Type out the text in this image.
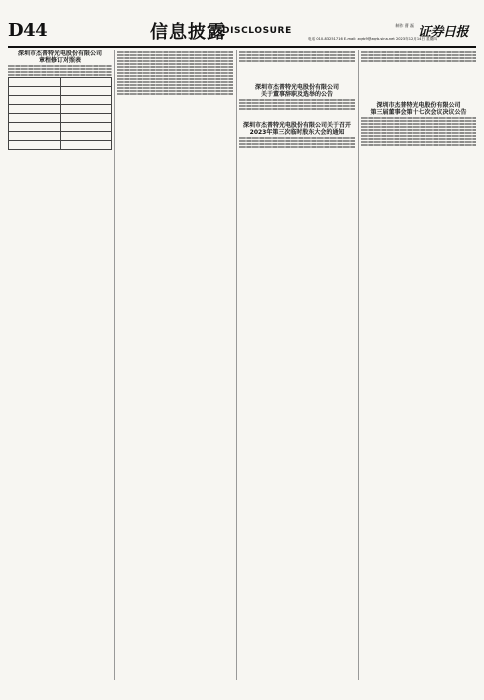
D44	信息披露
DISCLOSURE
制作 曹 磊 证券日报
电话 010-83251716 E-mail: zqrb9@zqrb.sina.net 2023年12月14日 星期四
深圳市杰普特光电股份有限公司
章程修订对照表

深圳市杰普特光电股份有限公司
关于董事辞职及选举的公告
深圳市杰普特光电股份有限公司关于召开2023年第三次临时股东大会的通知
深圳市杰普特光电股份有限公司
第三届董事会第十七次会议决议公告
